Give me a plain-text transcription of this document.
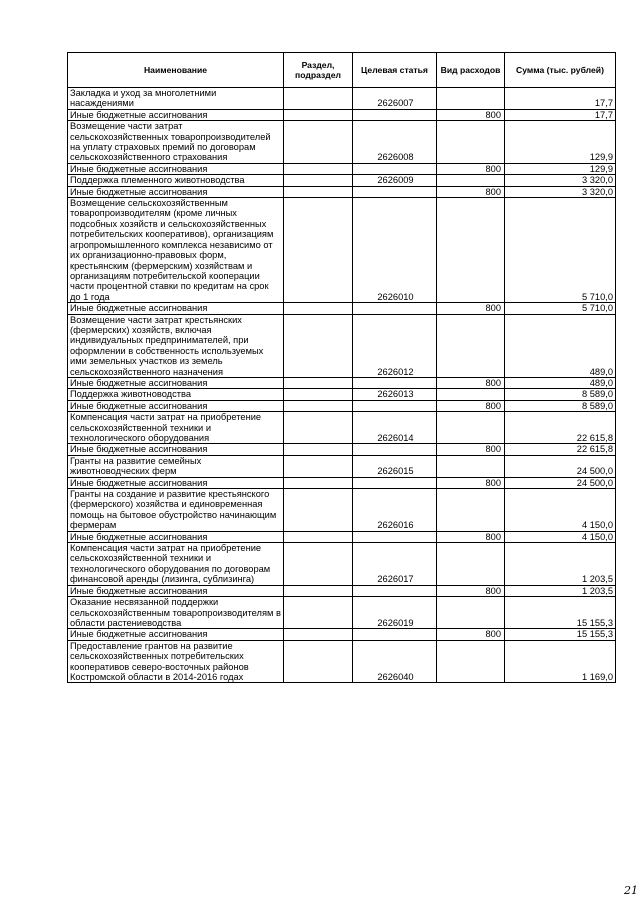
Наименование	Раздел, подраздел	Целевая статья	Вид расходов	Сумма (тыс. рублей)
Закладка и уход за многолетними насаждениями		2626007		17,7
Иные бюджетные ассигнования			800	17,7
Возмещение части затрат сельскохозяйственных товаропроизводителей на уплату страховых премий по договорам сельскохозяйственного страхования		2626008		129,9
Иные бюджетные ассигнования			800	129,9
Поддержка племенного животноводства		2626009		3 320,0
Иные бюджетные ассигнования			800	3 320,0
Возмещение сельскохозяйственным товаропроизводителям (кроме личных подсобных хозяйств и сельскохозяйственных потребительских кооперативов), организациям агропромышленного комплекса независимо от их организационно-правовых форм, крестьянским (фермерским) хозяйствам и организациям потребительской кооперации части процентной ставки по кредитам на срок до 1 года		2626010		5 710,0
Иные бюджетные ассигнования			800	5 710,0
Возмещение части затрат крестьянских (фермерских) хозяйств, включая индивидуальных предпринимателей, при оформлении в собственность используемых ими земельных участков из земель сельскохозяйственного назначения		2626012		489,0
Иные бюджетные ассигнования			800	489,0
Поддержка животноводства		2626013		8 589,0
Иные бюджетные ассигнования			800	8 589,0
Компенсация части затрат на приобретение сельскохозяйственной техники и технологического оборудования		2626014		22 615,8
Иные бюджетные ассигнования			800	22 615,8
Гранты на развитие семейных животноводческих ферм		2626015		24 500,0
Иные бюджетные ассигнования			800	24 500,0
Гранты на создание и развитие крестьянского (фермерского) хозяйства и единовременная помощь на бытовое обустройство начинающим фермерам		2626016		4 150,0
Иные бюджетные ассигнования			800	4 150,0
Компенсация части затрат на приобретение сельскохозяйственной техники и технологического оборудования по договорам финансовой аренды (лизинга, сублизинга)		2626017		1 203,5
Иные бюджетные ассигнования			800	1 203,5
Оказание несвязанной поддержки сельскохозяйственным товаропроизводителям в области растениеводства		2626019		15 155,3
Иные бюджетные ассигнования			800	15 155,3
Предоставление грантов на развитие сельскохозяйственных потребительских кооперативов северо-восточных районов Костромской области в 2014-2016 годах		2626040		1 169,0
21
